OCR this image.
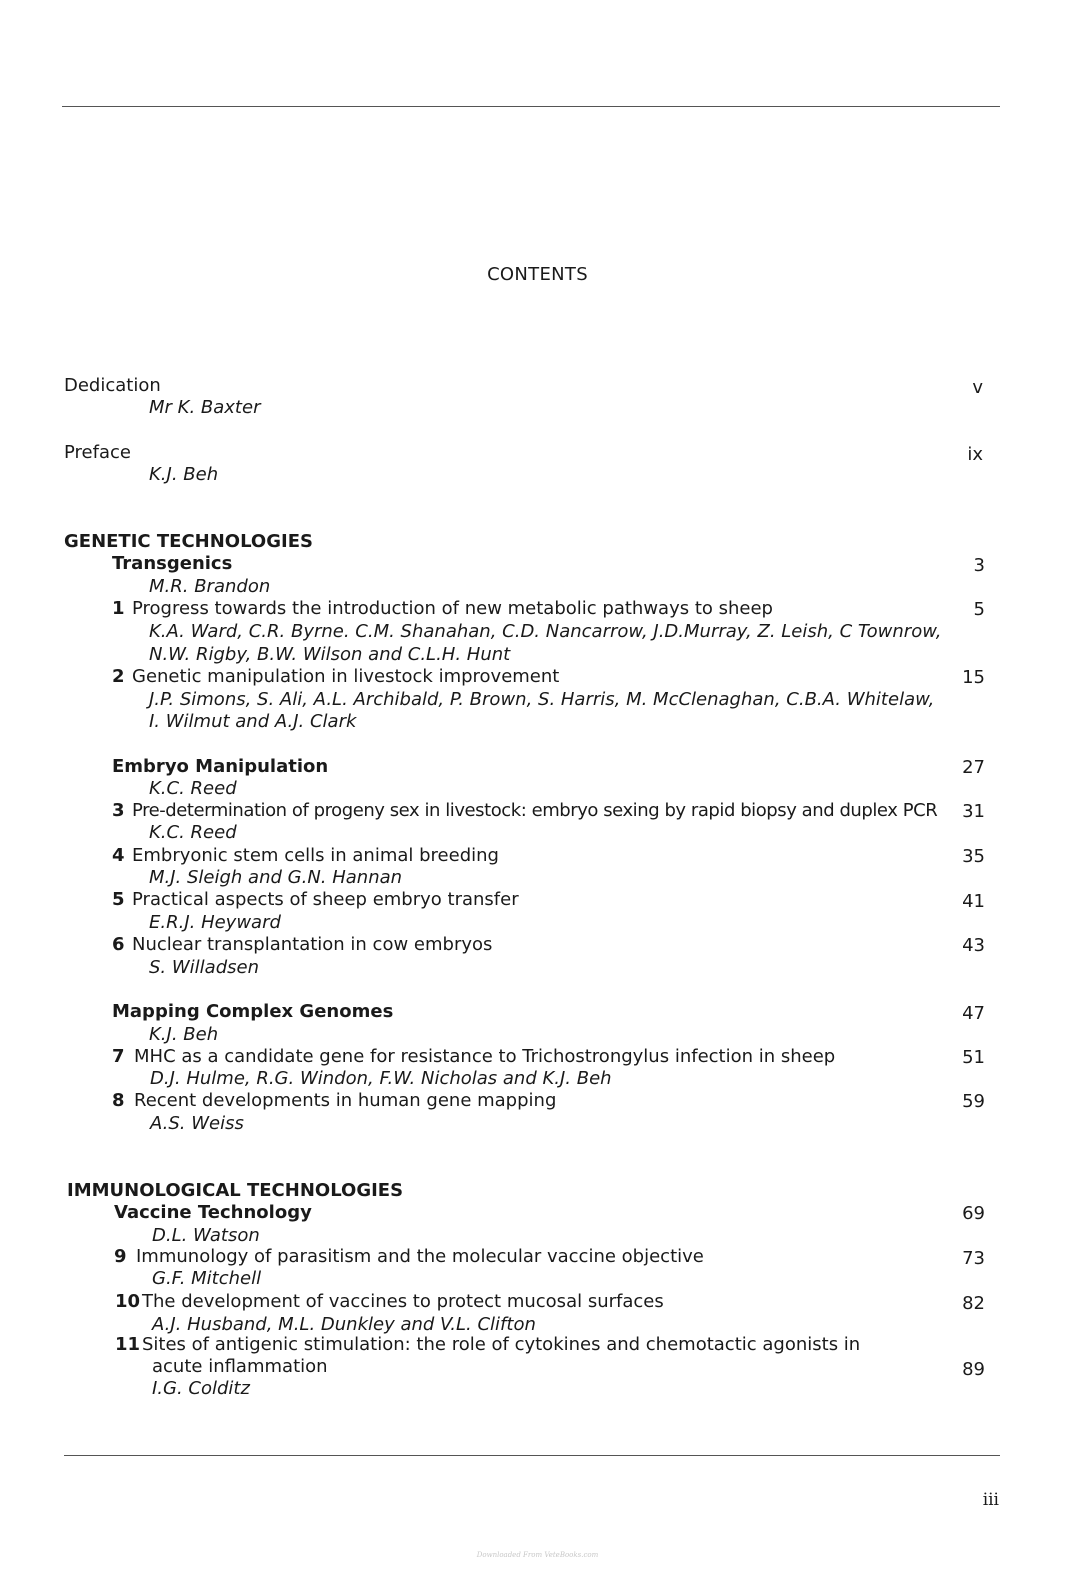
CONTENTS
Dedication	v
Mr K. Baxter
Preface	ix
K.J. Beh
GENETIC TECHNOLOGIES
Transgenics	3
M.R. Brandon
1 Progress towards the introduction of new metabolic pathways to sheep	5
K.A. Ward, C.R. Byrne. C.M. Shanahan, C.D. Nancarrow, J.D.Murray, Z. Leish, C Townrow,
N.W. Rigby, B.W. Wilson and C.L.H. Hunt
2 Genetic manipulation in livestock improvement	15
J.P. Simons, S. Ali, A.L. Archibald, P. Brown, S. Harris, M. McClenaghan, C.B.A. Whitelaw,
I. Wilmut and A.J. Clark
Embryo Manipulation	27
K.C. Reed
3 Pre-determination of progeny sex in livestock: embryo sexing by rapid biopsy and duplex PCR 31
K.C. Reed
4 Embryonic stem cells in animal breeding	35
M.J. Sleigh and G.N. Hannan
5 Practical aspects of sheep embryo transfer	41
E.R.J. Heyward
6 Nuclear transplantation in cow embryos	43
S. Willadsen
Mapping Complex Genomes	47
K.J. Beh
7 MHC as a candidate gene for resistance to Trichostrongylus infection in sheep	51
D.J. Hulme, R.G. Windon, F.W. Nicholas and K.J. Beh
8 Recent developments in human gene mapping	59
A.S. Weiss
IMMUNOLOGICAL TECHNOLOGIES
Vaccine Technology	69
D.L. Watson
9 Immunology of parasitism and the molecular vaccine objective	73
G.F. Mitchell
10 The development of vaccines to protect mucosal surfaces	82
A.J. Husband, M.L. Dunkley and V.L. Clifton
11 Sites of antigenic stimulation: the role of cytokines and chemotactic agonists in
acute inflammation	89
I.G. Colditz
iii
Downloaded From VetеBooks.com
